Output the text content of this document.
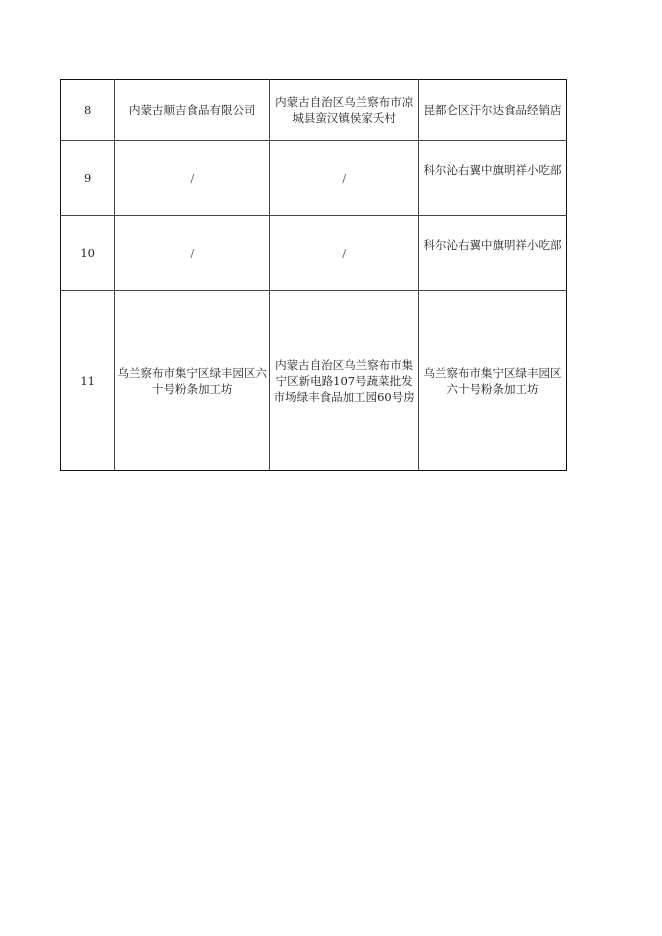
8	内蒙古顺吉食品有限公司	内蒙古自治区乌兰察布市凉城县蛮汉镇侯家夭村	昆都仑区汗尔达食品经销店

9	/	/	科尔沁右翼中旗明祥小吃部

10	/	/	科尔沁右翼中旗明祥小吃部

11	乌兰察布市集宁区绿丰园区六十号粉条加工坊	内蒙古自治区乌兰察布市集宁区新电路107号蔬菜批发市场绿丰食品加工园60号房	乌兰察布市集宁区绿丰园区六十号粉条加工坊
